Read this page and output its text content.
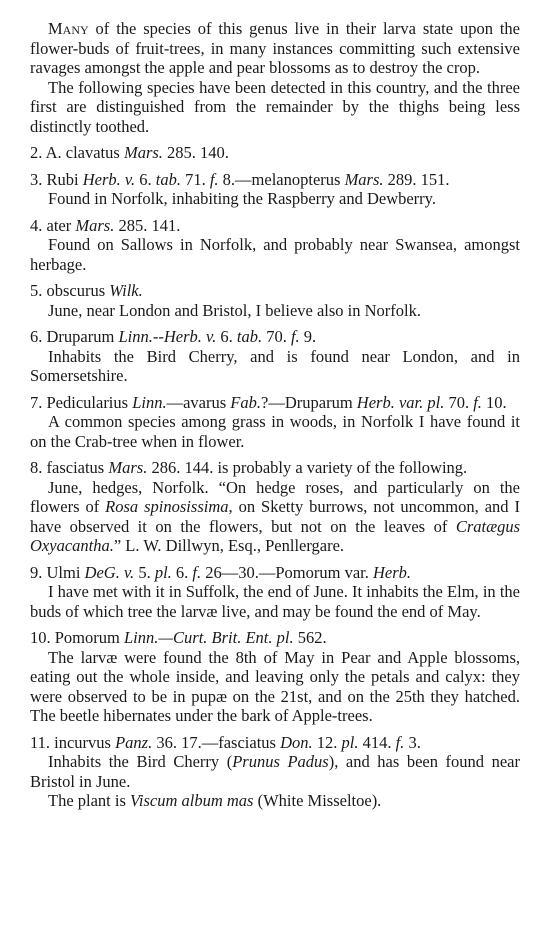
Many of the species of this genus live in their larva state upon the flower-buds of fruit-trees, in many instances committing such extensive ravages amongst the apple and pear blossoms as to destroy the crop.

The following species have been detected in this country, and the three first are distinguished from the remainder by the thighs being less distinctly toothed.

2. A. clavatus Mars. 285. 140.

3. Rubi Herb. v. 6. tab. 71. f. 8.—melanopterus Mars. 289. 151.

Found in Norfolk, inhabiting the Raspberry and Dewberry.

4. ater Mars. 285. 141.

Found on Sallows in Norfolk, and probably near Swansea, amongst herbage.

5. obscurus Wilk.

June, near London and Bristol, I believe also in Norfolk.

6. Druparum Linn.--Herb. v. 6. tab. 70. f. 9.

Inhabits the Bird Cherry, and is found near London, and in Somersetshire.

7. Pedicularius Linn.—avarus Fab.?—Druparum Herb. var. pl. 70. f. 10.

A common species among grass in woods, in Norfolk I have found it on the Crab-tree when in flower.

8. fasciatus Mars. 286. 144. is probably a variety of the following.

June, hedges, Norfolk. “On hedge roses, and particularly on the flowers of Rosa spinosissima, on Sketty burrows, not uncommon, and I have observed it on the flowers, but not on the leaves of Cratægus Oxyacantha.” L. W. Dillwyn, Esq., Penllergare.

9. Ulmi DeG. v. 5. pl. 6. f. 26—30.—Pomorum var. Herb.

I have met with it in Suffolk, the end of June. It inhabits the Elm, in the buds of which tree the larvæ live, and may be found the end of May.

10. Pomorum Linn.—Curt. Brit. Ent. pl. 562.

The larvæ were found the 8th of May in Pear and Apple blossoms, eating out the whole inside, and leaving only the petals and calyx: they were observed to be in pupæ on the 21st, and on the 25th they hatched. The beetle hibernates under the bark of Apple-trees.

11. incurvus Panz. 36. 17.—fasciatus Don. 12. pl. 414. f. 3.

Inhabits the Bird Cherry (Prunus Padus), and has been found near Bristol in June.

The plant is Viscum album mas (White Misseltoe).
